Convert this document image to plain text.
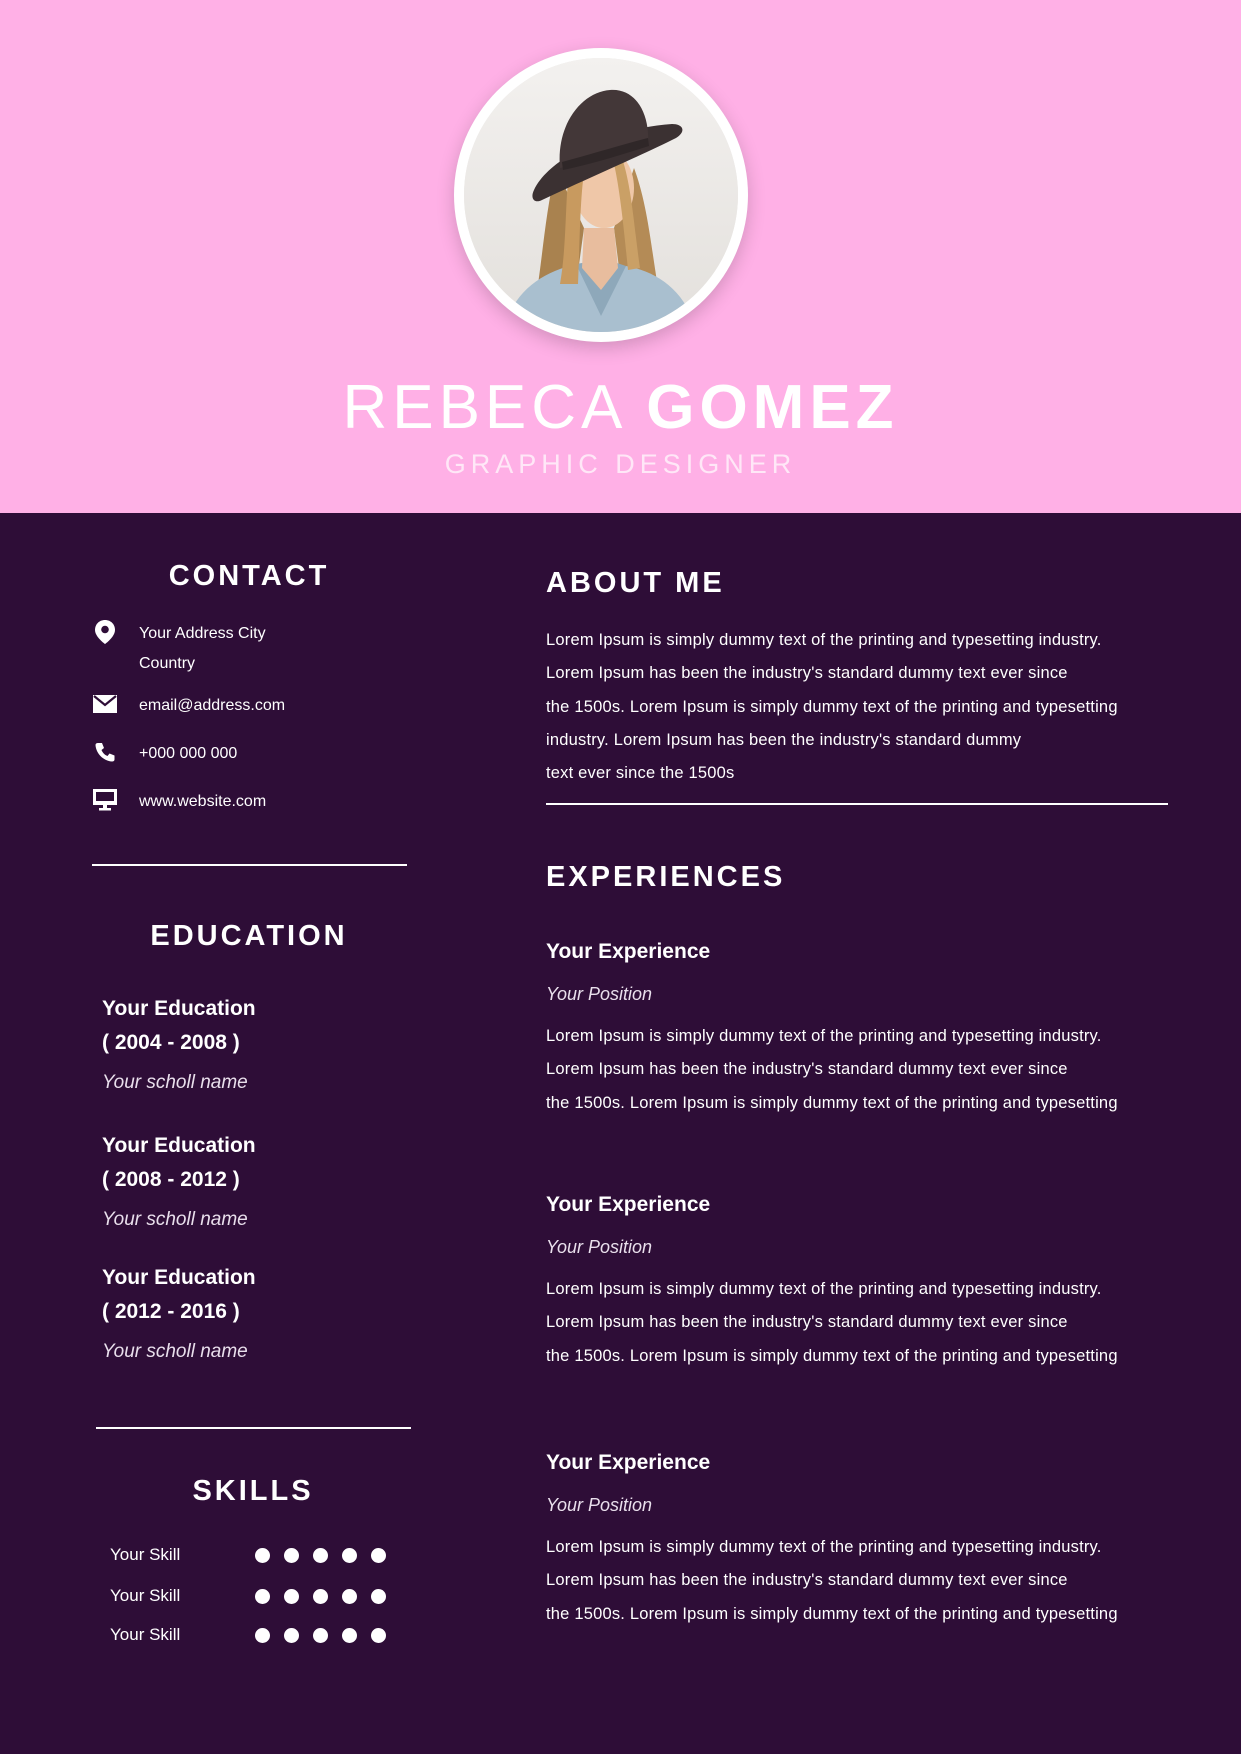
REBECA GOMEZ
GRAPHIC DESIGNER
CONTACT
Your Address City
Country
email@address.com
+000 000 000
www.website.com
EDUCATION
Your Education
( 2004 - 2008 )
Your scholl name
Your Education
( 2008 - 2012 )
Your scholl name
Your Education
( 2012 - 2016 )
Your scholl name
SKILLS
Your Skill
Your Skill
Your Skill
ABOUT ME
Lorem Ipsum is simply dummy text of the printing and typesetting industry.
Lorem Ipsum has been the industry's standard dummy text ever since
the 1500s. Lorem Ipsum is simply dummy text of the printing and typesetting
industry. Lorem Ipsum has been the industry's standard dummy
text ever since the 1500s
EXPERIENCES
Your Experience
Your Position
Lorem Ipsum is simply dummy text of the printing and typesetting industry.
Lorem Ipsum has been the industry's standard dummy text ever since
the 1500s. Lorem Ipsum is simply dummy text of the printing and typesetting
Your Experience
Your Position
Lorem Ipsum is simply dummy text of the printing and typesetting industry.
Lorem Ipsum has been the industry's standard dummy text ever since
the 1500s. Lorem Ipsum is simply dummy text of the printing and typesetting
Your Experience
Your Position
Lorem Ipsum is simply dummy text of the printing and typesetting industry.
Lorem Ipsum has been the industry's standard dummy text ever since
the 1500s. Lorem Ipsum is simply dummy text of the printing and typesetting
